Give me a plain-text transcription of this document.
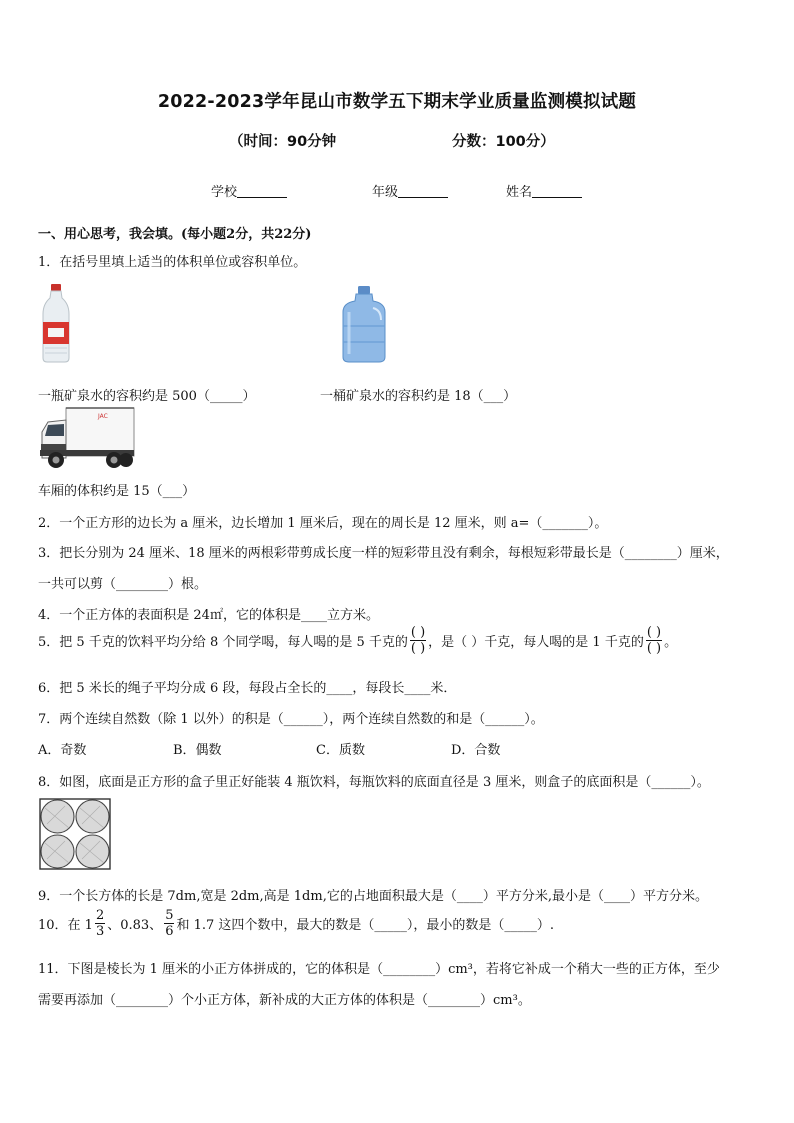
2022-2023学年昆山市数学五下期末学业质量监测模拟试题
（时间：90分钟	分数：100分）
学校	年级	姓名
一、用心思考，我会填。(每小题2分，共22分)
1．在括号里填上适当的体积单位或容积单位。
一瓶矿泉水的容积约是 500（_____）	一桶矿泉水的容积约是 18（___）
JAC
车厢的体积约是 15（___）
2．一个正方形的边长为 a 厘米，边长增加 1 厘米后，现在的周长是 12 厘米，则 a=（_______）。
3．把长分别为 24 厘米、18 厘米的两根彩带剪成长度一样的短彩带且没有剩余，每根短彩带最长是（________）厘米，
一共可以剪（________）根。
4．一个正方体的表面积是 24㎡，它的体积是____立方米。
5．把 5 千克的饮料平均分给 8 个同学喝，每人喝的是 5 千克的 $\frac{( )}{( )}$ ，是（ ）千克，每人喝的是 1 千克的 $\frac{( )}{( )}$ 。
6．把 5 米长的绳子平均分成 6 段，每段占全长的____，每段长____米．
7．两个连续自然数（除 1 以外）的积是（______），两个连续自然数的和是（______）。
A．奇数	B．偶数	C．质数	D．合数
8．如图，底面是正方形的盒子里正好能装 4 瓶饮料，每瓶饮料的底面直径是 3 厘米，则盒子的底面积是（______）。
9．一个长方体的长是 7dm,宽是 2dm,高是 1dm,它的占地面积最大是（____）平方分米,最小是（____）平方分米。
10．在 $1 \frac{2}{3}$ 、0.83、 $\frac{5}{6}$ 和 1.7 这四个数中，最大的数是（_____），最小的数是（_____）.
11．下图是棱长为 1 厘米的小正方体拼成的，它的体积是（________）cm³，若将它补成一个稍大一些的正方体，至少
需要再添加（________）个小正方体，新补成的大正方体的体积是（________）cm³。
